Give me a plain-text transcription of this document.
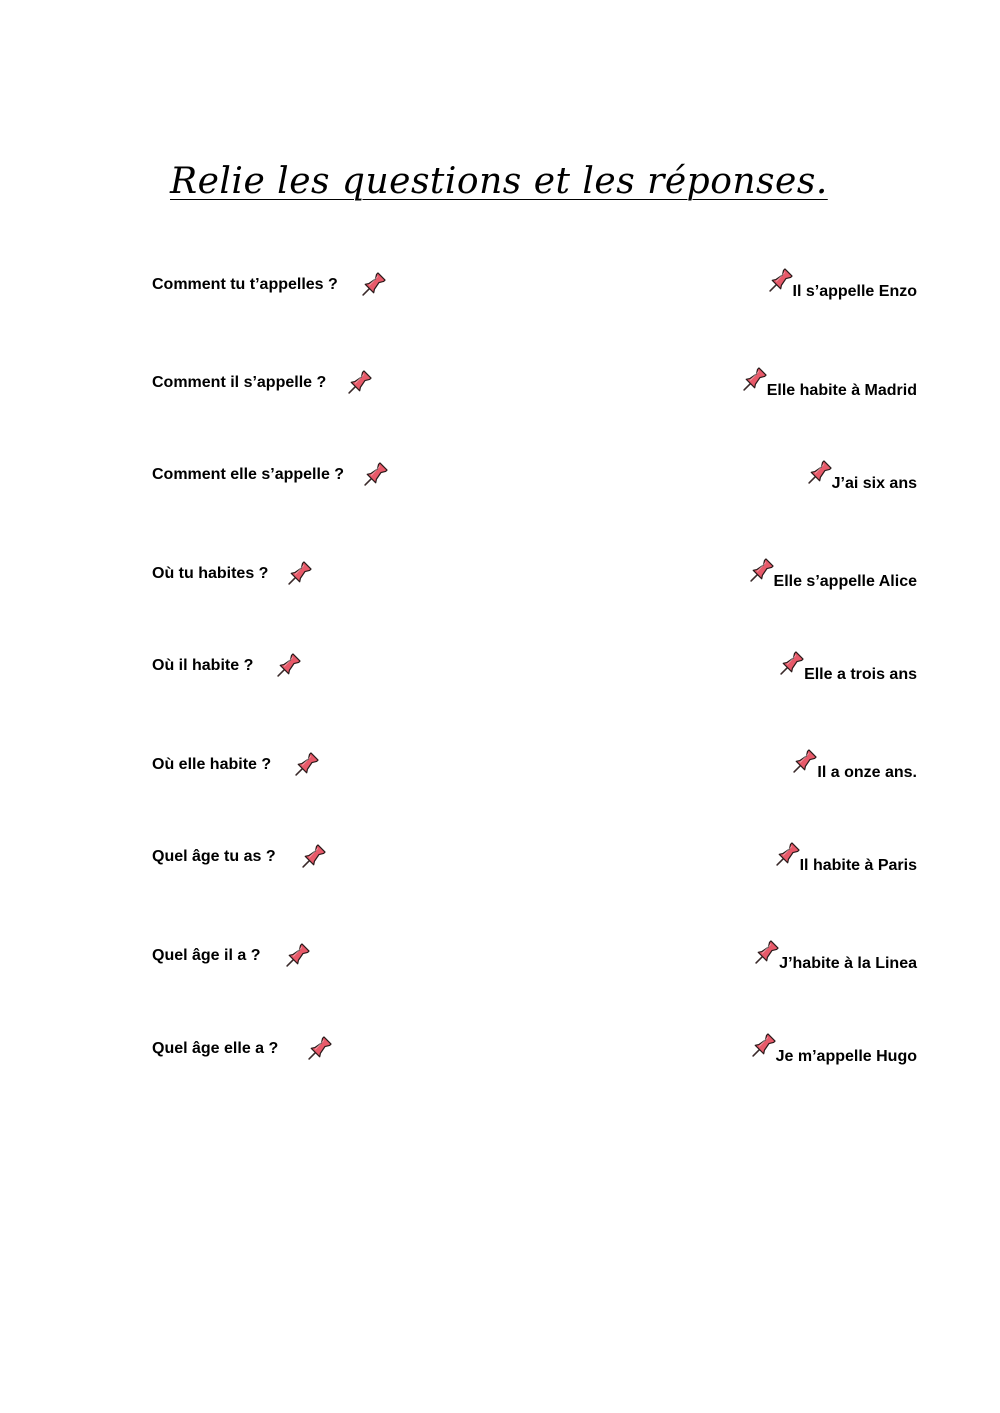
Relie les questions et les réponses.
Comment tu t’appelles ?
Comment il s’appelle ?
Comment elle s’appelle ?
Où tu habites ?
Où il habite ?
Où elle habite ?
Quel âge tu as ?
Quel âge il a ?
Quel âge elle a ?
Il s’appelle Enzo
Elle habite à Madrid
J’ai six ans
Elle s’appelle Alice
Elle a trois ans
Il a onze ans.
Il habite à Paris
J’habite à la Linea
Je m’appelle Hugo
